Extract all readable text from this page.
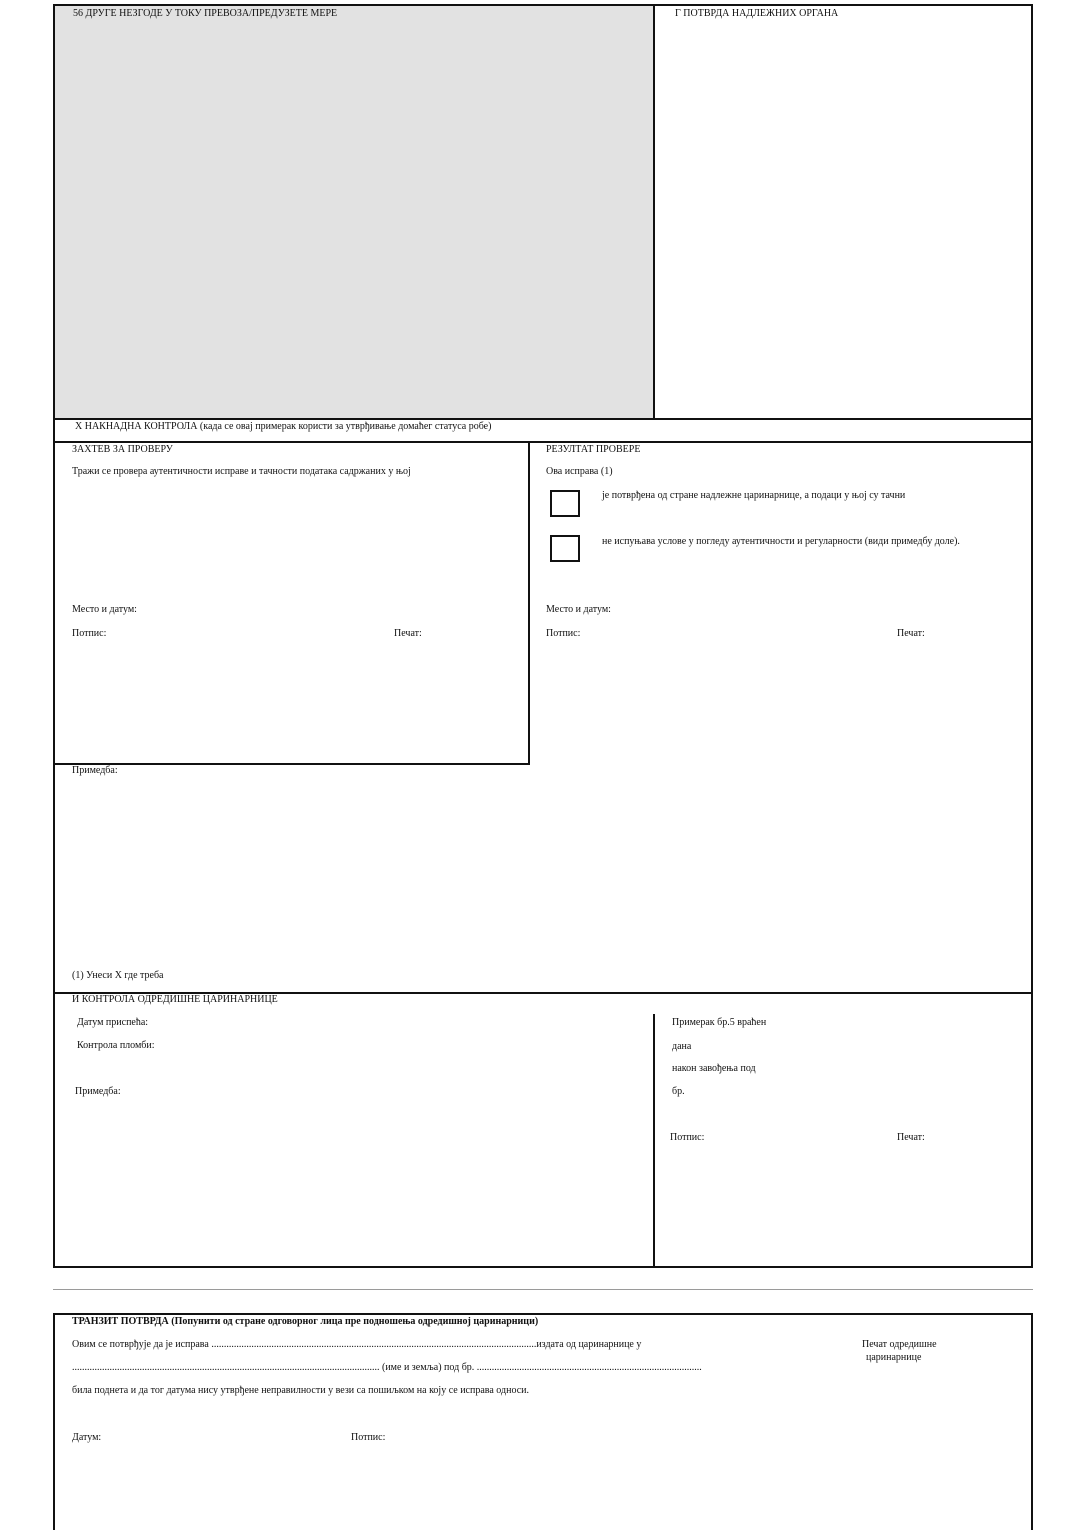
56 ДРУГЕ НЕЗГОДЕ У ТОКУ ПРЕВОЗА/ПРЕДУЗЕТЕ МЕРЕ	Г ПОТВРДА НАДЛЕЖНИХ ОРГАНА
Х НАКНАДНА КОНТРОЛА (када се овај примерак користи за утврђивање домаћег статуса робе)
ЗАХТЕВ ЗА ПРОВЕРУ
Тражи се провера аутентичности исправе и тачности података садржаних у њој
Место и датум:
Потпис:	Печат:
РЕЗУЛТАТ ПРОВЕРЕ
Ова исправа (1)
је потврђена од стране надлежне царинарнице, а подаци у њој су тачни
не испуњава услове у погледу аутентичности и регуларности (види примедбу доле).
Место и датум:
Потпис:	Печат:
Примедба:
(1) Унеси X где треба
И КОНТРОЛА ОДРЕДИШНЕ ЦАРИНАРНИЦЕ
Датум приспећа:
Контрола пломби:
Примедба:
Примерак бр.5 враћен
дана
након завођења под
бр.
Потпис:	Печат:
ТРАНЗИТ ПОТВРДА (Попунити од стране одговорног лица пре подношења одредишној царинарници)
Овим се потврђује да је исправа ..................................................................................................................................издата од царинарнице у
........................................................................................................................... (име и земља) под бр. ..........................................................................................
била поднета и да тог датума нису утврђене неправилности у вези са пошиљком на коју се исправа односи.
Датум:	Потпис:
Печат одредишне
царинарнице
